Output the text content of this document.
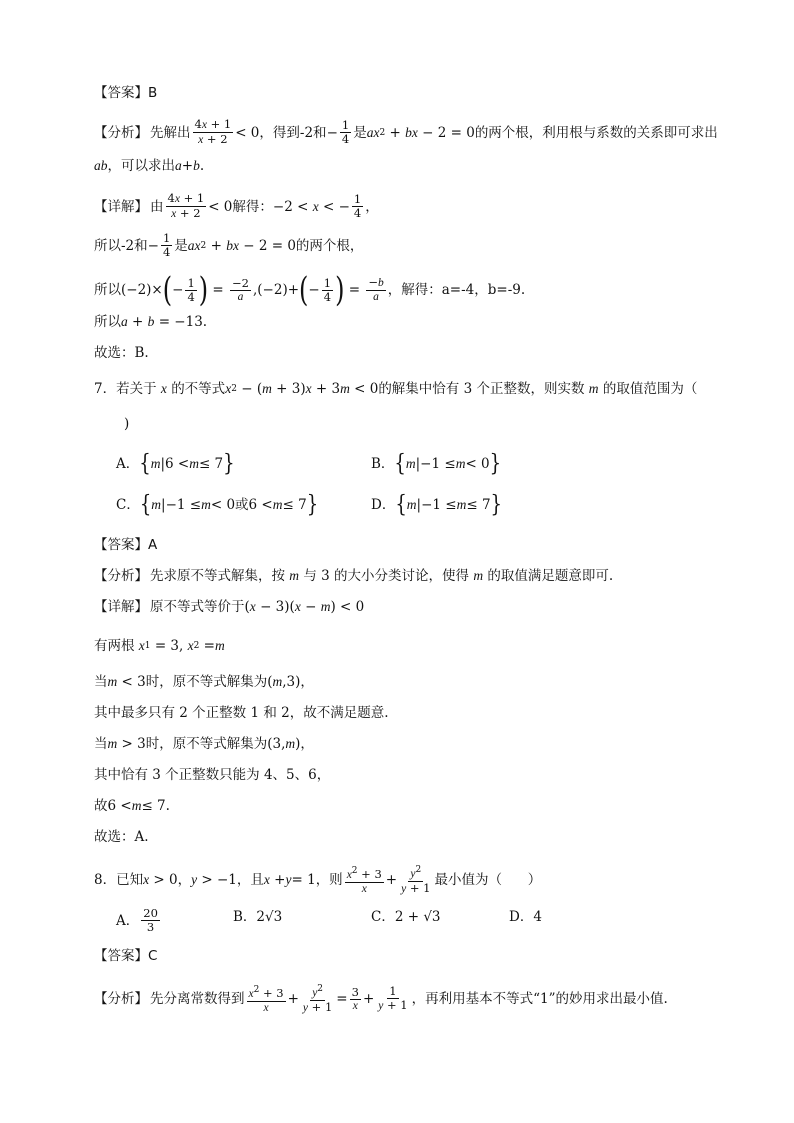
【答案】B
【分析】 先解出 $\frac{4x + 1}{x + 2} < 0$ ，得到-2和 − $\frac{1}{4}$ 是 ax 2 + bx − 2 = 0 的两个根，利用根与系数的关系即可求出
ab ，可以求出 a + b .
【详解】 由 $\frac{4x + 1}{x + 2} < 0$ 解得： −2 < x < − $\frac{1}{4}$ ，
所以-2和 − $\frac{1}{4}$ 是 ax 2 + bx − 2 = 0 的两个根，
所以 (−2)× ( − $\frac{1}{4}$ ) = $\frac{-2}{a} ,(-2)+$ ( − $\frac{1}{4}$ ) = $\frac{-b}{a}$ ，解得： a=-4，b=-9.
所以 a + b = −13.
故选：B.
7．若关于
x
的不等式 x 2 − (m + 3)x + 3m < 0 的解集中恰有 3 个正整数，则实数
m
的取值范围为（
)
A． { m |6 < m ≤ 7 }	B． { m |−1 ≤ m < 0 }
C． { m |−1 ≤ m < 0或6 < m ≤ 7 }	D． { m |−1 ≤ m ≤ 7 }
【答案】A
【分析】 先求原不等式解集，按
m
与 3 的大小分类讨论，使得
m
的取值满足题意即可.
【详解】 原不等式等价于 (x − 3)(x − m) < 0
有两根
x 1 = 3, x 2 = m
当 m < 3 时，原不等式解集为 ( m ,3)，
其中最多只有 2 个正整数 1 和 2，故不满足题意.
当 m > 3 时，原不等式解集为 (3, m )，
其中恰有 3 个正整数只能为 4、5、6，
故 6 < m ≤ 7.
故选：A.
8．已知 x > 0， y > −1 ，且 x + y = 1 ，则 $\frac{x^2 + 3}{x} + \frac{y^2}{y + 1}$ 最小值为（
）
A． $\frac{20}{3}$	B． 2√3	C． 2 + √3	D．4
【答案】C
【分析】 先分离常数得到 $\frac{x^2 + 3}{x} + \frac{y^2}{y + 1} = \frac{3}{x} + \frac{1}{y + 1}$ ，再利用基本不等式“1”的妙用求出最小值.
